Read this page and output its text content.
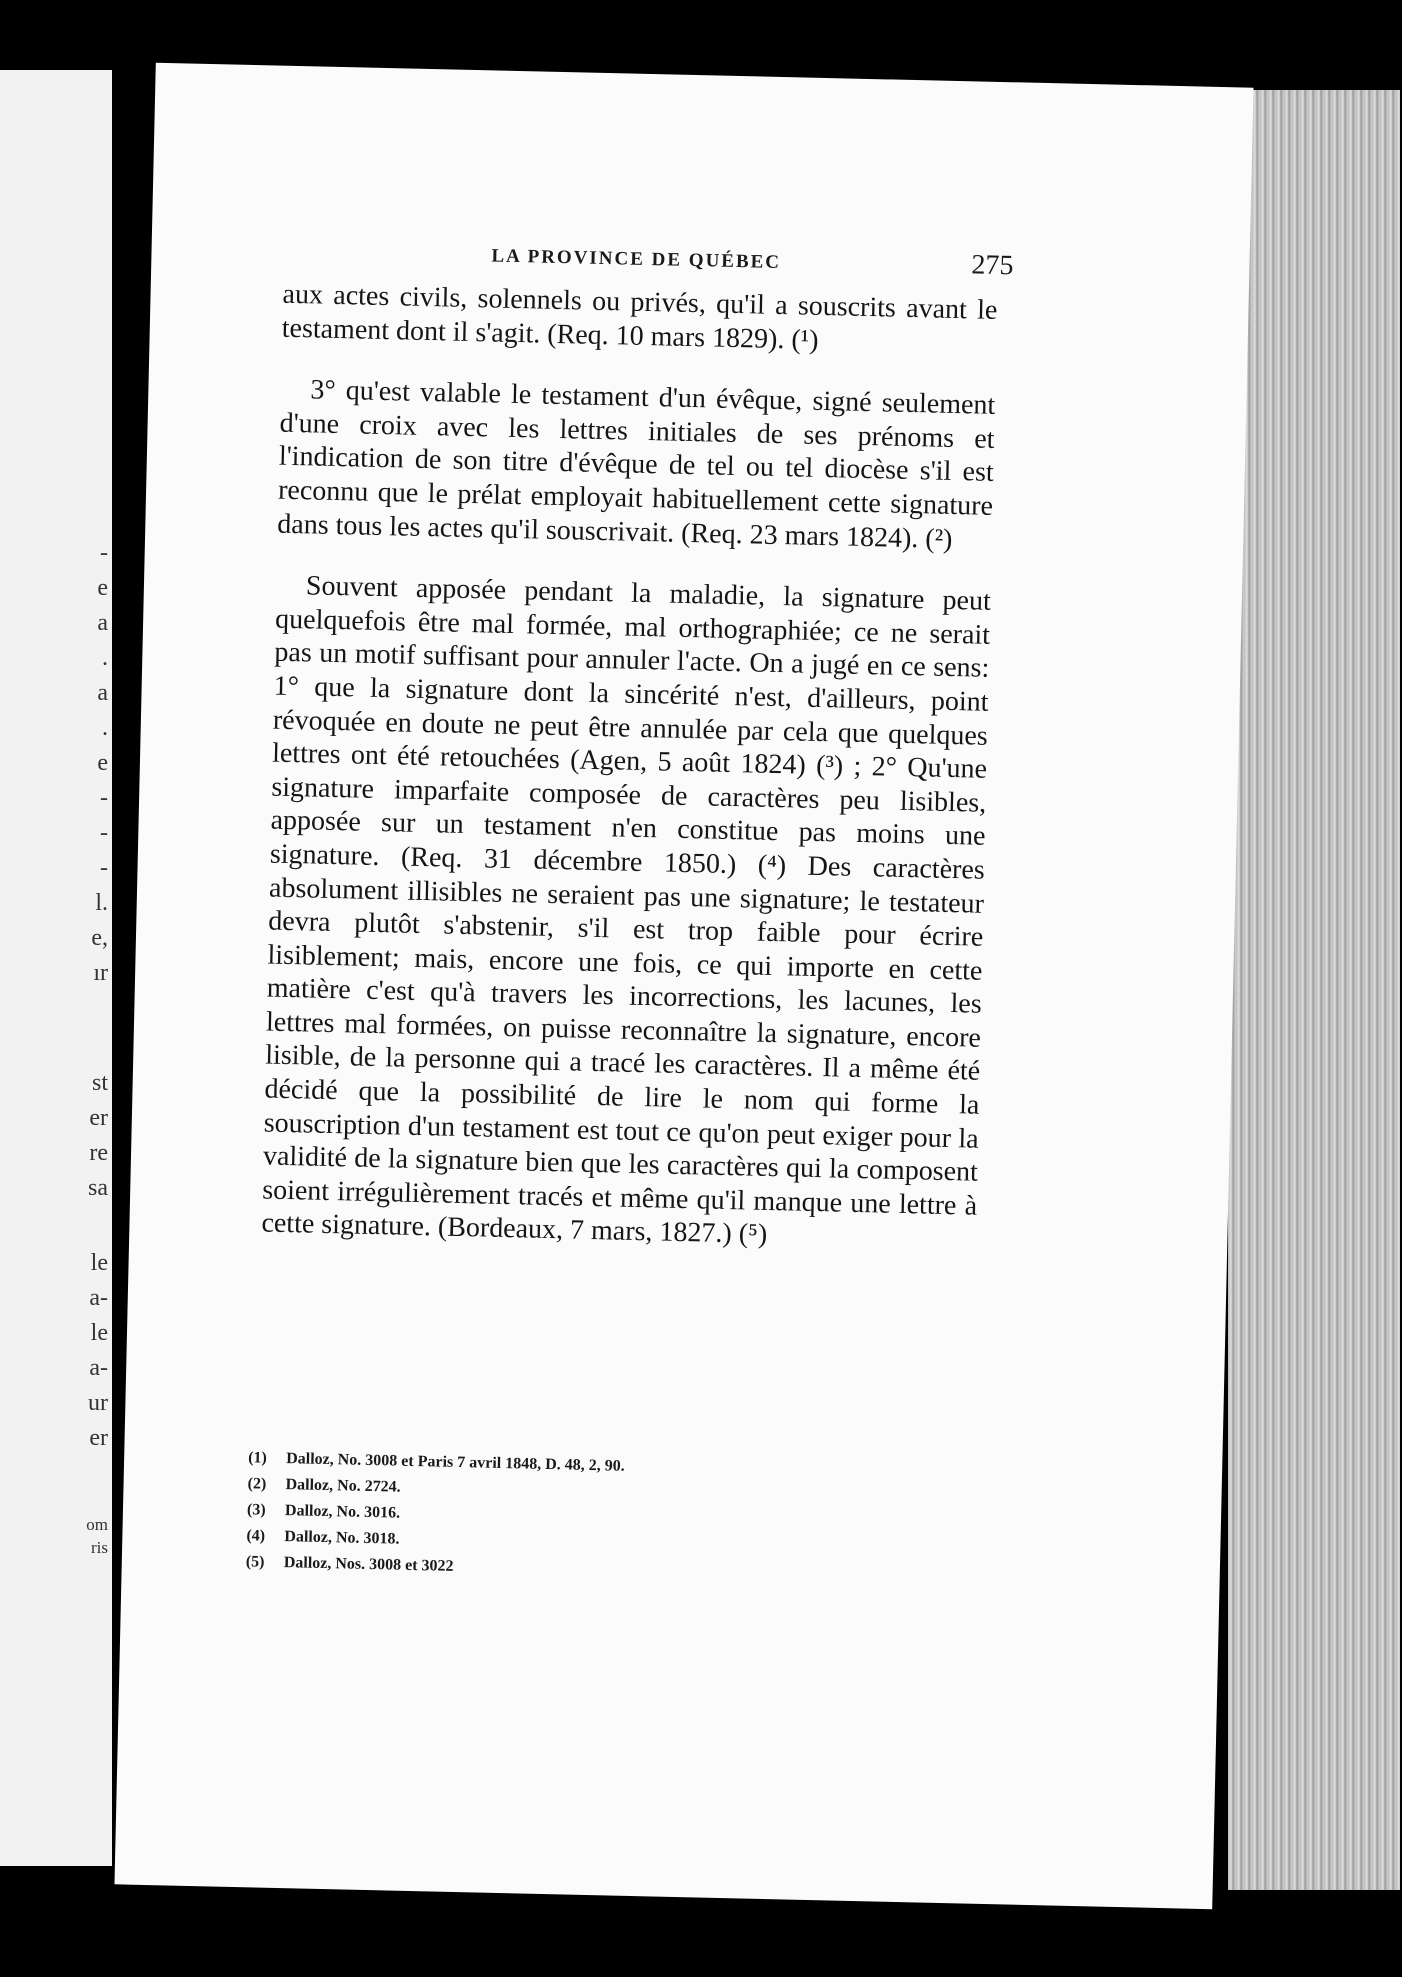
-
e
a
.
a
.
e
-
-
-
l.
e,
ır
st
er
re
sa
le
a-
le
a-
ur
er
om
ris
LA PROVINCE DE QUÉBEC	275

aux actes civils, solennels ou privés, qu'il a souscrits avant le testament dont il s'agit. (Req. 10 mars 1829). (¹)

3° qu'est valable le testament d'un évêque, signé seulement d'une croix avec les lettres initiales de ses prénoms et l'indication de son titre d'évêque de tel ou tel diocèse s'il est reconnu que le prélat employait habituellement cette signature dans tous les actes qu'il souscrivait. (Req. 23 mars 1824). (²)

Souvent apposée pendant la maladie, la signature peut quelquefois être mal formée, mal orthographiée; ce ne serait pas un motif suffisant pour annuler l'acte. On a jugé en ce sens: 1° que la signature dont la sincérité n'est, d'ailleurs, point révoquée en doute ne peut être annulée par cela que quelques lettres ont été retouchées (Agen, 5 août 1824) (³) ; 2° Qu'une signature imparfaite composée de caractères peu lisibles, apposée sur un testament n'en constitue pas moins une signature. (Req. 31 décembre 1850.) (⁴) Des caractères absolument illisibles ne seraient pas une signature; le testateur devra plutôt s'abstenir, s'il est trop faible pour écrire lisiblement; mais, encore une fois, ce qui importe en cette matière c'est qu'à travers les incorrections, les lacunes, les lettres mal formées, on puisse reconnaître la signature, encore lisible, de la personne qui a tracé les caractères. Il a même été décidé que la possibilité de lire le nom qui forme la souscription d'un testament est tout ce qu'on peut exiger pour la validité de la signature bien que les caractères qui la composent soient irrégulièrement tracés et même qu'il manque une lettre à cette signature. (Bordeaux, 7 mars, 1827.) (⁵)

(1) Dalloz, No. 3008 et Paris 7 avril 1848, D. 48, 2, 90.
(2) Dalloz, No. 2724.
(3) Dalloz, No. 3016.
(4) Dalloz, No. 3018.
(5) Dalloz, Nos. 3008 et 3022
